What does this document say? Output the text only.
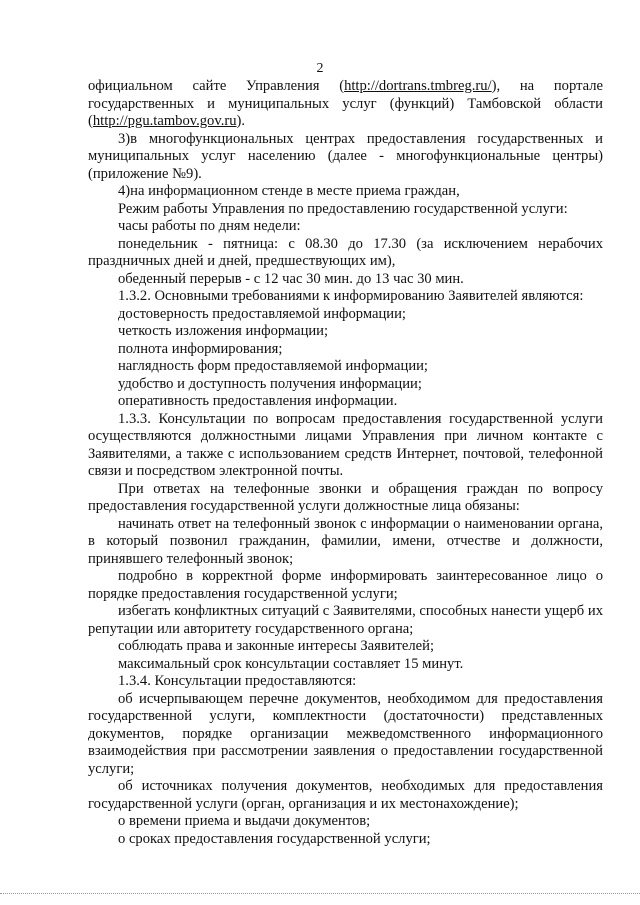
2

официальном сайте Управления (http://dortrans.tmbreg.ru/), на портале

государственных и муниципальных услуг (функций) Тамбовской области

(http://pgu.tambov.gov.ru).

3)в многофункциональных центрах предоставления государственных и муниципальных услуг населению (далее - многофункциональные центры) (приложение №9).

4)на информационном стенде в месте приема граждан,

Режим работы Управления по предоставлению государственной услуги:

часы работы по дням недели:

понедельник - пятница: с 08.30 до 17.30 (за исключением нерабочих праздничных дней и дней, предшествующих им),

обеденный перерыв - с 12 час 30 мин. до 13 час 30 мин.

1.3.2. Основными требованиями к информированию Заявителей являются:

достоверность предоставляемой информации;

четкость изложения информации;

полнота информирования;

наглядность форм предоставляемой информации;

удобство и доступность получения информации;

оперативность предоставления информации.

1.3.3. Консультации по вопросам предоставления государственной услуги осуществляются должностными лицами Управления при личном контакте с Заявителями, а также с использованием средств Интернет, почтовой, телефонной связи и посредством электронной почты.

При ответах на телефонные звонки и обращения граждан по вопросу предоставления государственной услуги должностные лица обязаны:

начинать ответ на телефонный звонок с информации о наименовании органа, в который позвонил гражданин, фамилии, имени, отчестве и должности, принявшего телефонный звонок;

подробно в корректной форме информировать заинтересованное лицо о порядке предоставления государственной услуги;

избегать конфликтных ситуаций с Заявителями, способных нанести ущерб их репутации или авторитету государственного органа;

соблюдать права и законные интересы Заявителей;

максимальный срок консультации составляет 15 минут.

1.3.4. Консультации предоставляются:

об исчерпывающем перечне документов, необходимом для предоставления государственной услуги, комплектности (достаточности) представленных документов, порядке организации межведомственного информационного взаимодействия при рассмотрении заявления о предоставлении государственной услуги;

об источниках получения документов, необходимых для предоставления государственной услуги (орган, организация и их местонахождение);

о времени приема и выдачи документов;

о сроках предоставления государственной услуги;
